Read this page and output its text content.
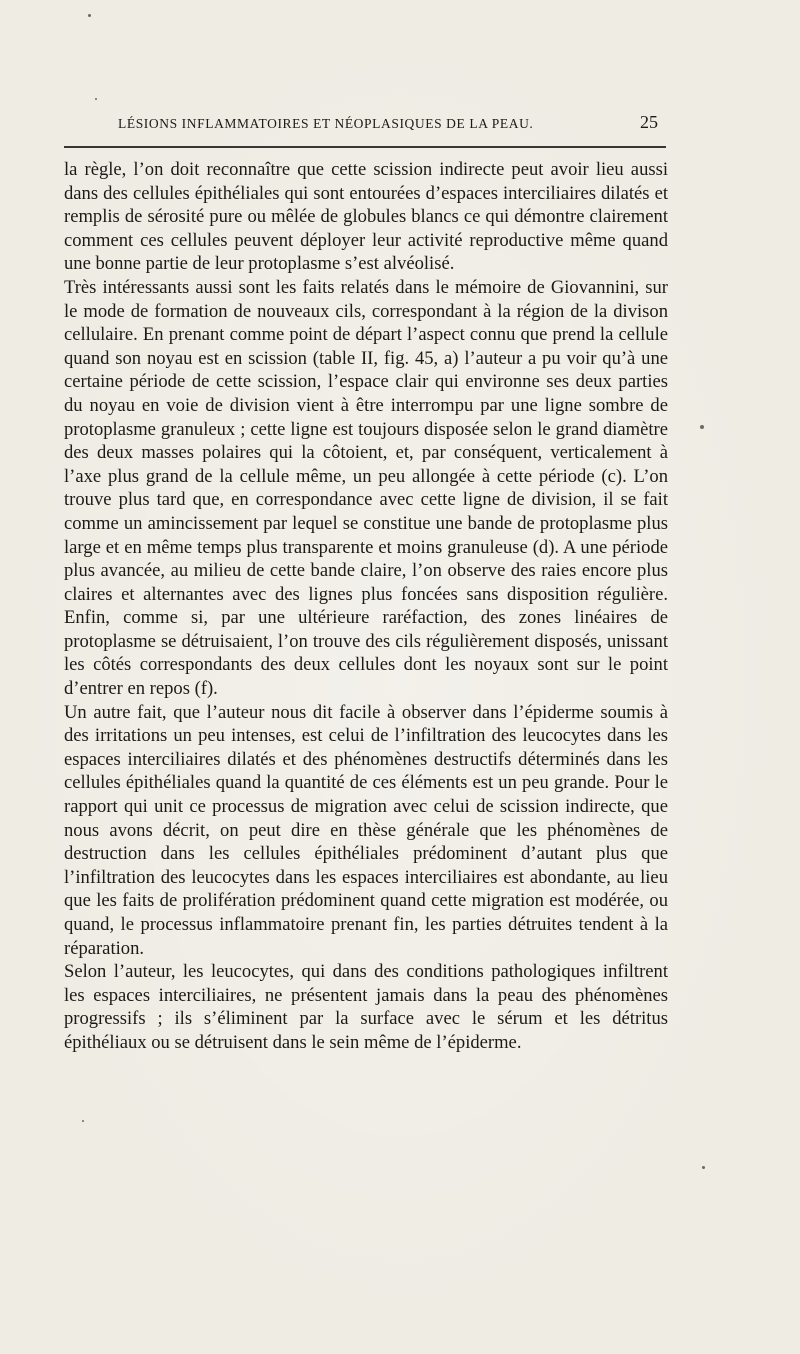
LÉSIONS INFLAMMATOIRES ET NÉOPLASIQUES DE LA PEAU.	25

la règle, l’on doit reconnaître que cette scission indirecte peut avoir lieu aussi dans des cellules épithéliales qui sont entourées d’espaces interciliaires dilatés et remplis de sérosité pure ou mêlée de globules blancs ce qui démontre clairement comment ces cellules peuvent déployer leur activité reproductive même quand une bonne partie de leur protoplasme s’est alvéolisé.

Très intéressants aussi sont les faits relatés dans le mémoire de Giovannini, sur le mode de formation de nouveaux cils, correspondant à la région de la divison cellulaire. En prenant comme point de départ l’aspect connu que prend la cellule quand son noyau est en scission (table II, fig. 45, a) l’auteur a pu voir qu’à une certaine période de cette scission, l’espace clair qui environne ses deux parties du noyau en voie de division vient à être interrompu par une ligne sombre de protoplasme granuleux ; cette ligne est toujours disposée selon le grand diamètre des deux masses polaires qui la côtoient, et, par conséquent, verticalement à l’axe plus grand de la cellule même, un peu allongée à cette période (c). L’on trouve plus tard que, en correspondance avec cette ligne de division, il se fait comme un amincissement par lequel se constitue une bande de protoplasme plus large et en même temps plus transparente et moins granuleuse (d). A une période plus avancée, au milieu de cette bande claire, l’on observe des raies encore plus claires et alternantes avec des lignes plus foncées sans disposition régulière. Enfin, comme si, par une ultérieure raréfaction, des zones linéaires de protoplasme se détruisaient, l’on trouve des cils régulièrement disposés, unissant les côtés correspondants des deux cellules dont les noyaux sont sur le point d’entrer en repos (f).

Un autre fait, que l’auteur nous dit facile à observer dans l’épiderme soumis à des irritations un peu intenses, est celui de l’infiltration des leucocytes dans les espaces interciliaires dilatés et des phénomènes destructifs déterminés dans les cellules épithéliales quand la quantité de ces éléments est un peu grande. Pour le rapport qui unit ce processus de migration avec celui de scission indirecte, que nous avons décrit, on peut dire en thèse générale que les phénomènes de destruction dans les cellules épithéliales prédominent d’autant plus que l’infiltration des leucocytes dans les espaces interciliaires est abondante, au lieu que les faits de prolifération prédominent quand cette migration est modérée, ou quand, le processus inflammatoire prenant fin, les parties détruites tendent à la réparation.

Selon l’auteur, les leucocytes, qui dans des conditions pathologiques infiltrent les espaces interciliaires, ne présentent jamais dans la peau des phénomènes progressifs ; ils s’éliminent par la surface avec le sérum et les détritus épithéliaux ou se détruisent dans le sein même de l’épiderme.
